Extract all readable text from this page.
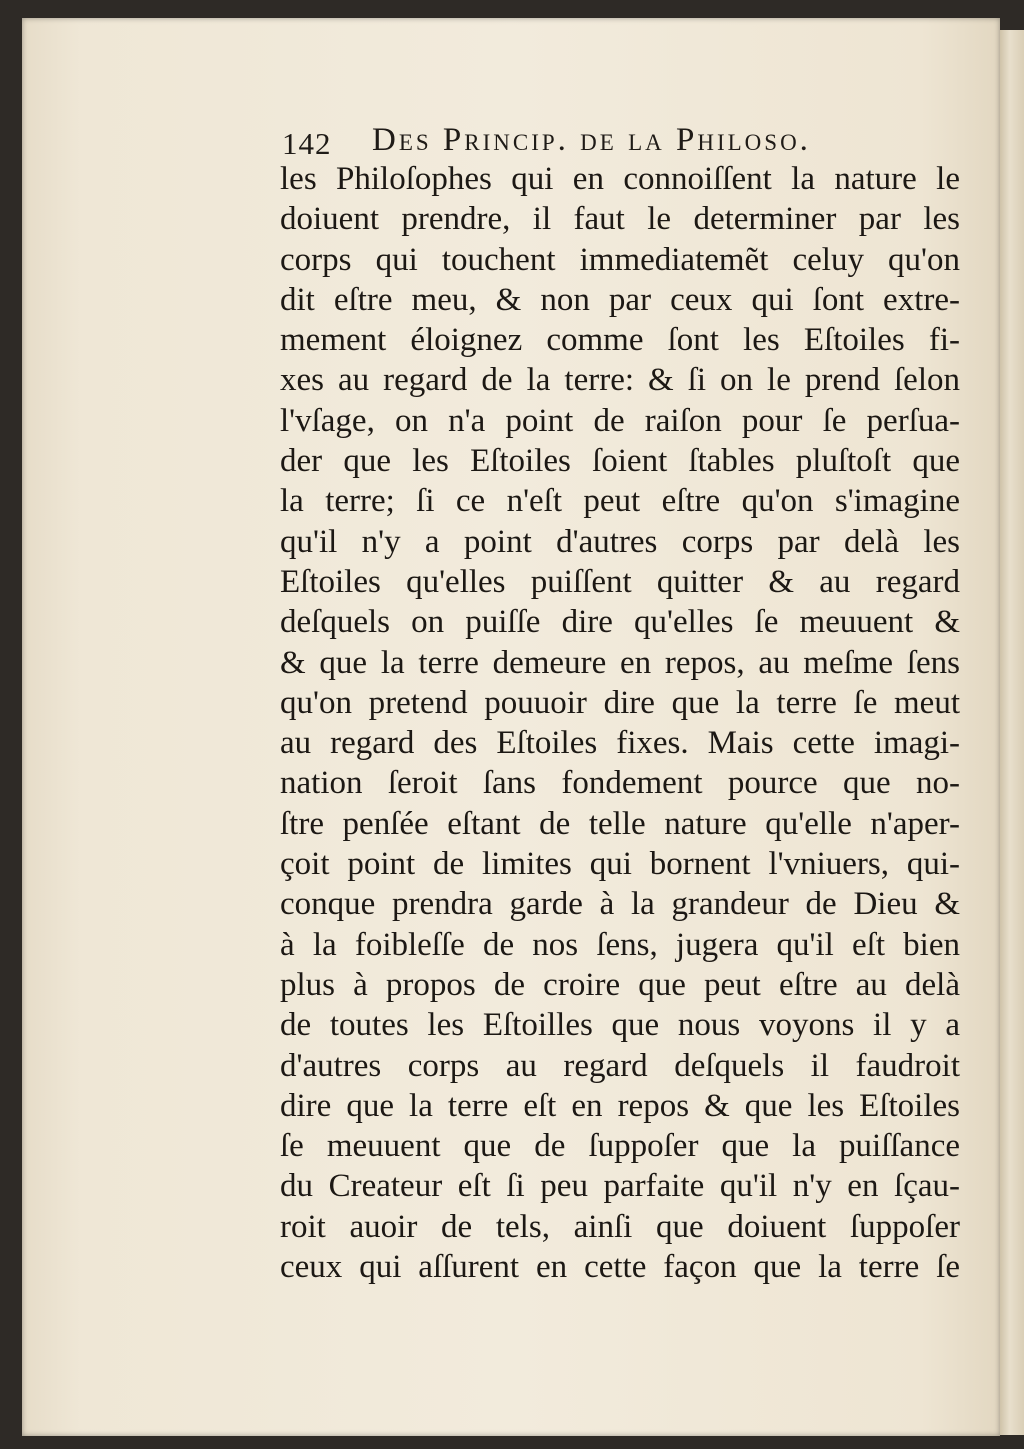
142 Des Princip. de la Philoso.
les Philoſophes qui en connoiſſent la nature le
doiuent prendre, il faut le determiner par les
corps qui touchent immediatemẽt celuy qu'on
dit eſtre meu, & non par ceux qui ſont extre-
mement éloignez comme ſont les Eſtoiles fi-
xes au regard de la terre: & ſi on le prend ſelon
l'vſage, on n'a point de raiſon pour ſe perſua-
der que les Eſtoiles ſoient ſtables pluſtoſt que
la terre; ſi ce n'eſt peut eſtre qu'on s'imagine
qu'il n'y a point d'autres corps par delà les
Eſtoiles qu'elles puiſſent quitter & au regard
deſquels on puiſſe dire qu'elles ſe meuuent &
& que la terre demeure en repos, au meſme ſens
qu'on pretend pouuoir dire que la terre ſe meut
au regard des Eſtoiles fixes. Mais cette imagi-
nation ſeroit ſans fondement pource que no-
ſtre penſée eſtant de telle nature qu'elle n'aper-
çoit point de limites qui bornent l'vniuers, qui-
conque prendra garde à la grandeur de Dieu &
à la foibleſſe de nos ſens, jugera qu'il eſt bien
plus à propos de croire que peut eſtre au delà
de toutes les Eſtoilles que nous voyons il y a
d'autres corps au regard deſquels il faudroit
dire que la terre eſt en repos & que les Eſtoiles
ſe meuuent que de ſuppoſer que la puiſſance
du Createur eſt ſi peu parfaite qu'il n'y en ſçau-
roit auoir de tels, ainſi que doiuent ſuppoſer
ceux qui aſſurent en cette façon que la terre ſe
